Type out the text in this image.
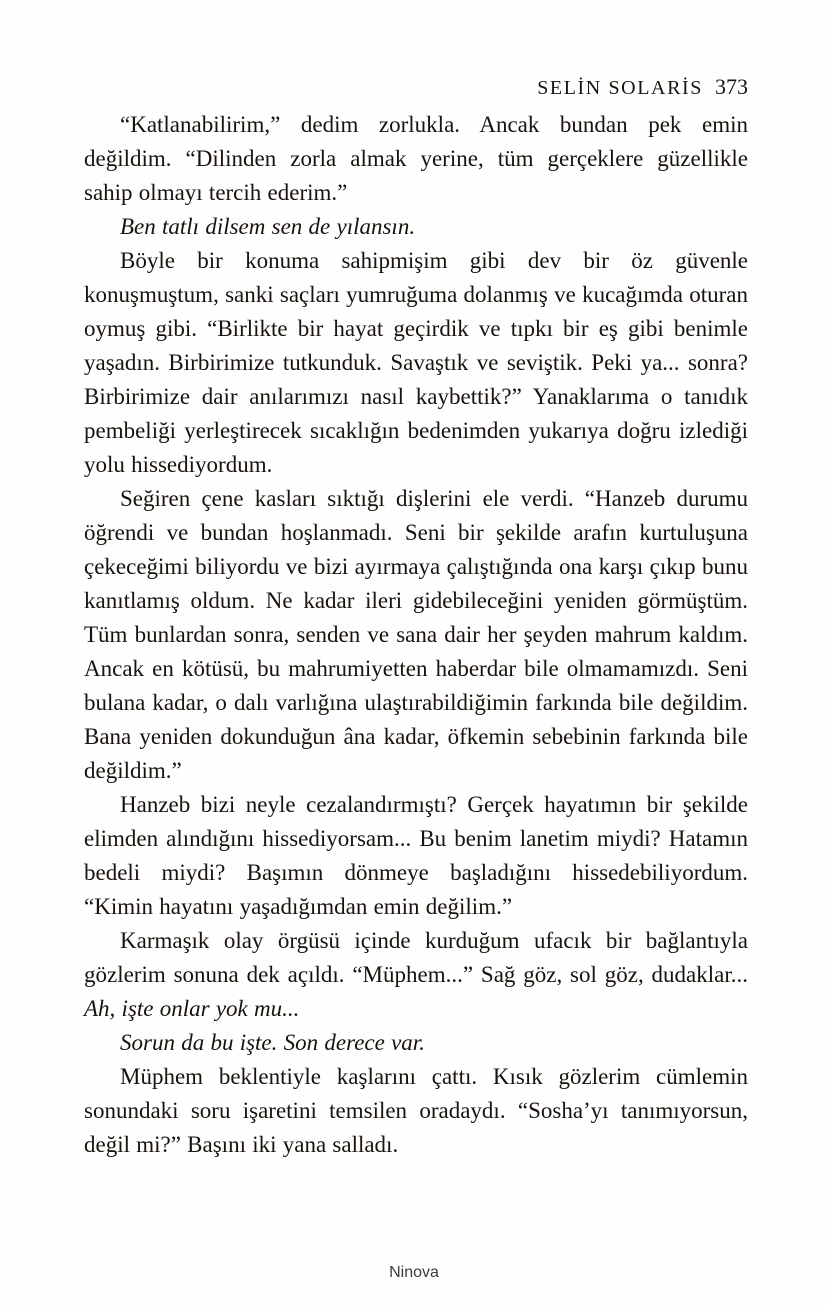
SELİN SOLARİS 373

“Katlanabilirim,” dedim zorlukla. Ancak bundan pek emin değildim. “Dilinden zorla almak yerine, tüm gerçeklere güzellikle sahip olmayı tercih ederim.”

Ben tatlı dilsem sen de yılansın.

Böyle bir konuma sahipmişim gibi dev bir öz güvenle konuşmuştum, sanki saçları yumruğuma dolanmış ve kucağımda oturan oymuş gibi. “Birlikte bir hayat geçirdik ve tıpkı bir eş gibi benimle yaşadın. Birbirimize tutkunduk. Savaştık ve seviştik. Peki ya... sonra? Birbirimize dair anılarımızı nasıl kaybettik?” Yanaklarıma o tanıdık pembeliği yerleştirecek sıcaklığın bedenimden yukarıya doğru izlediği yolu hissediyordum.

Seğiren çene kasları sıktığı dişlerini ele verdi. “Hanzeb durumu öğrendi ve bundan hoşlanmadı. Seni bir şekilde arafın kurtuluşuna çekeceğimi biliyordu ve bizi ayırmaya çalıştığında ona karşı çıkıp bunu kanıtlamış oldum. Ne kadar ileri gidebileceğini yeniden görmüştüm. Tüm bunlardan sonra, senden ve sana dair her şeyden mahrum kaldım. Ancak en kötüsü, bu mahrumiyetten haberdar bile olmamamızdı. Seni bulana kadar, o dalı varlığına ulaştırabildiğimin farkında bile değildim. Bana yeniden dokunduğun âna kadar, öfkemin sebebinin farkında bile değildim.”

Hanzeb bizi neyle cezalandırmıştı? Gerçek hayatımın bir şekilde elimden alındığını hissediyorsam... Bu benim lanetim miydi? Hatamın bedeli miydi? Başımın dönmeye başladığını hissedebiliyordum. “Kimin hayatını yaşadığımdan emin değilim.”

Karmaşık olay örgüsü içinde kurduğum ufacık bir bağlantıyla gözlerim sonuna dek açıldı. “Müphem...” Sağ göz, sol göz, dudaklar... Ah, işte onlar yok mu...

Sorun da bu işte. Son derece var.

Müphem beklentiyle kaşlarını çattı. Kısık gözlerim cümlemin sonundaki soru işaretini temsilen oradaydı. “Sosha’yı tanımıyorsun, değil mi?” Başını iki yana salladı.

Ninova
